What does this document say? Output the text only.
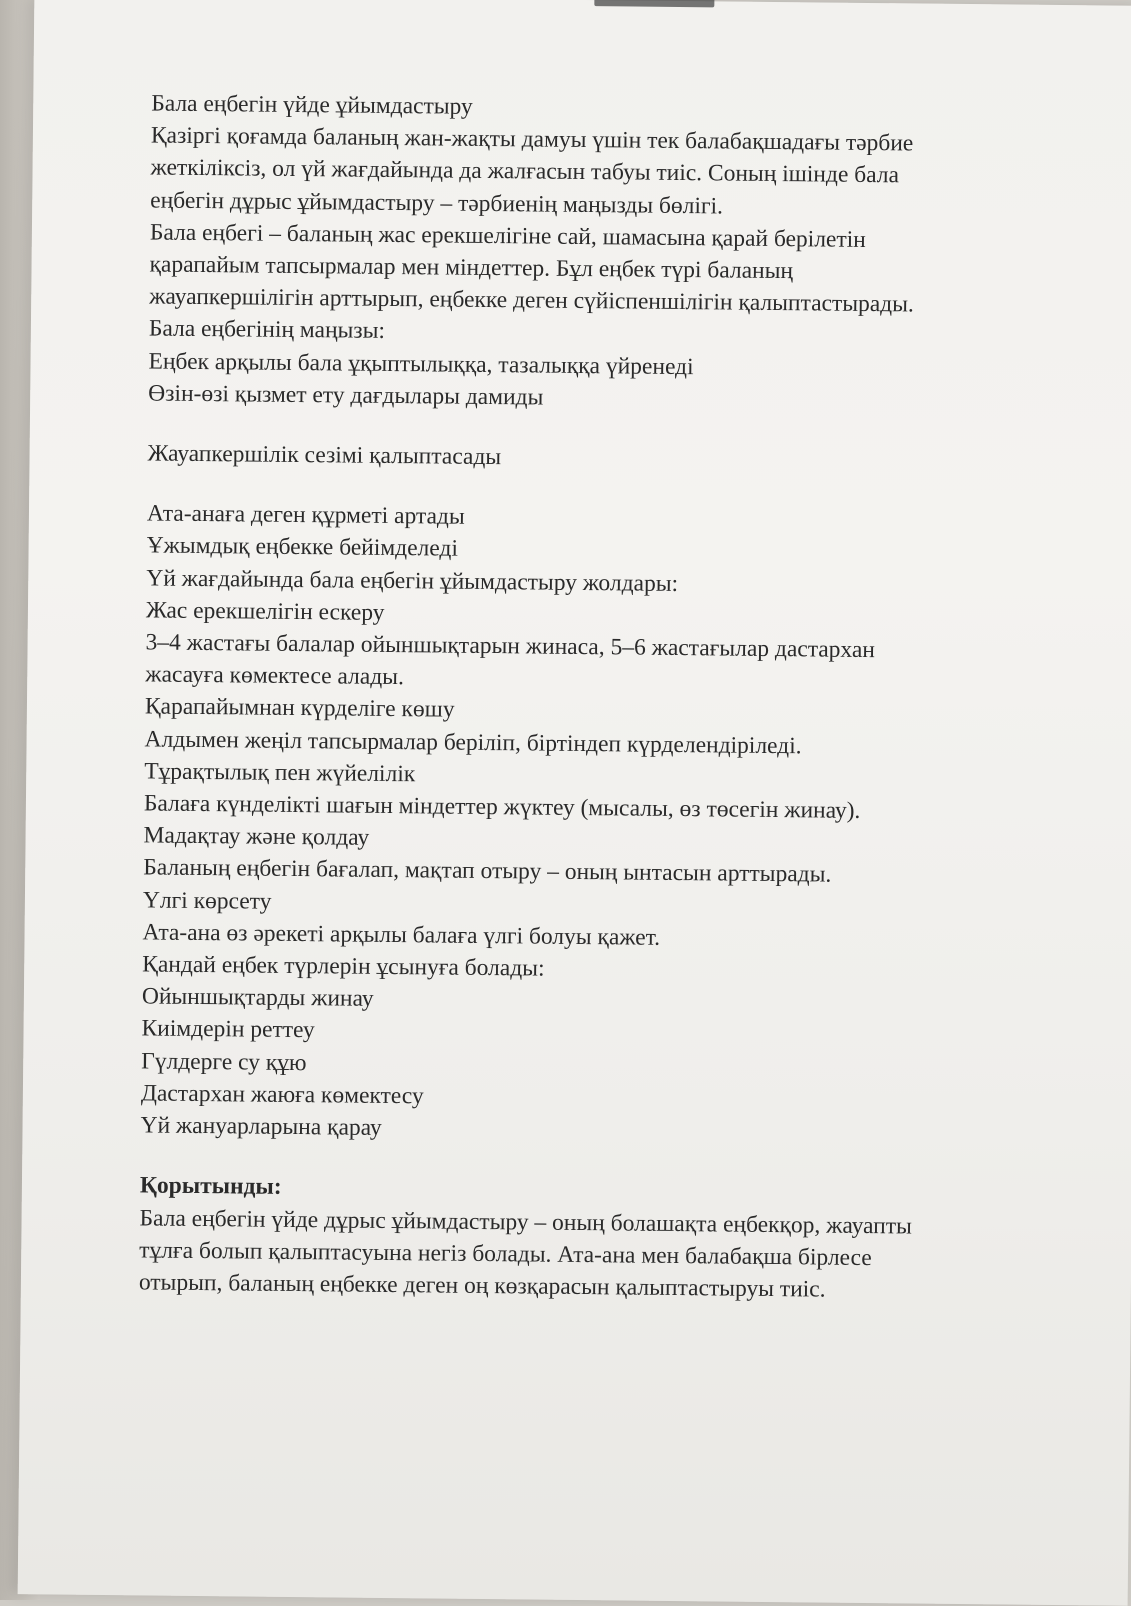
Бала еңбегін үйде ұйымдастыру
Қазіргі қоғамда баланың жан-жақты дамуы үшін тек балабақшадағы тәрбие
жеткіліксіз, ол үй жағдайында да жалғасын табуы тиіс. Соның ішінде бала
еңбегін дұрыс ұйымдастыру – тәрбиенің маңызды бөлігі.
Бала еңбегі – баланың жас ерекшелігіне сай, шамасына қарай берілетін
қарапайым тапсырмалар мен міндеттер. Бұл еңбек түрі баланың
жауапкершілігін арттырып, еңбекке деген сүйіспеншілігін қалыптастырады.
Бала еңбегінің маңызы:
Еңбек арқылы бала ұқыптылыққа, тазалыққа үйренеді
Өзін-өзі қызмет ету дағдылары дамиды
Жауапкершілік сезімі қалыптасады
Ата-анаға деген құрметі артады
Ұжымдық еңбекке бейімделеді
Үй жағдайында бала еңбегін ұйымдастыру жолдары:
Жас ерекшелігін ескеру
3–4 жастағы балалар ойыншықтарын жинаса, 5–6 жастағылар дастархан
жасауға көмектесе алады.
Қарапайымнан күрделіге көшу
Алдымен жеңіл тапсырмалар беріліп, біртіндеп күрделендіріледі.
Тұрақтылық пен жүйелілік
Балаға күнделікті шағын міндеттер жүктеу (мысалы, өз төсегін жинау).
Мадақтау және қолдау
Баланың еңбегін бағалап, мақтап отыру – оның ынтасын арттырады.
Үлгі көрсету
Ата-ана өз әрекеті арқылы балаға үлгі болуы қажет.
Қандай еңбек түрлерін ұсынуға болады:
Ойыншықтарды жинау
Киімдерін реттеу
Гүлдерге су құю
Дастархан жаюға көмектесу
Үй жануарларына қарау
Қорытынды:
Бала еңбегін үйде дұрыс ұйымдастыру – оның болашақта еңбекқор, жауапты
тұлға болып қалыптасуына негіз болады. Ата-ана мен балабақша бірлесе
отырып, баланың еңбекке деген оң көзқарасын қалыптастыруы тиіс.
